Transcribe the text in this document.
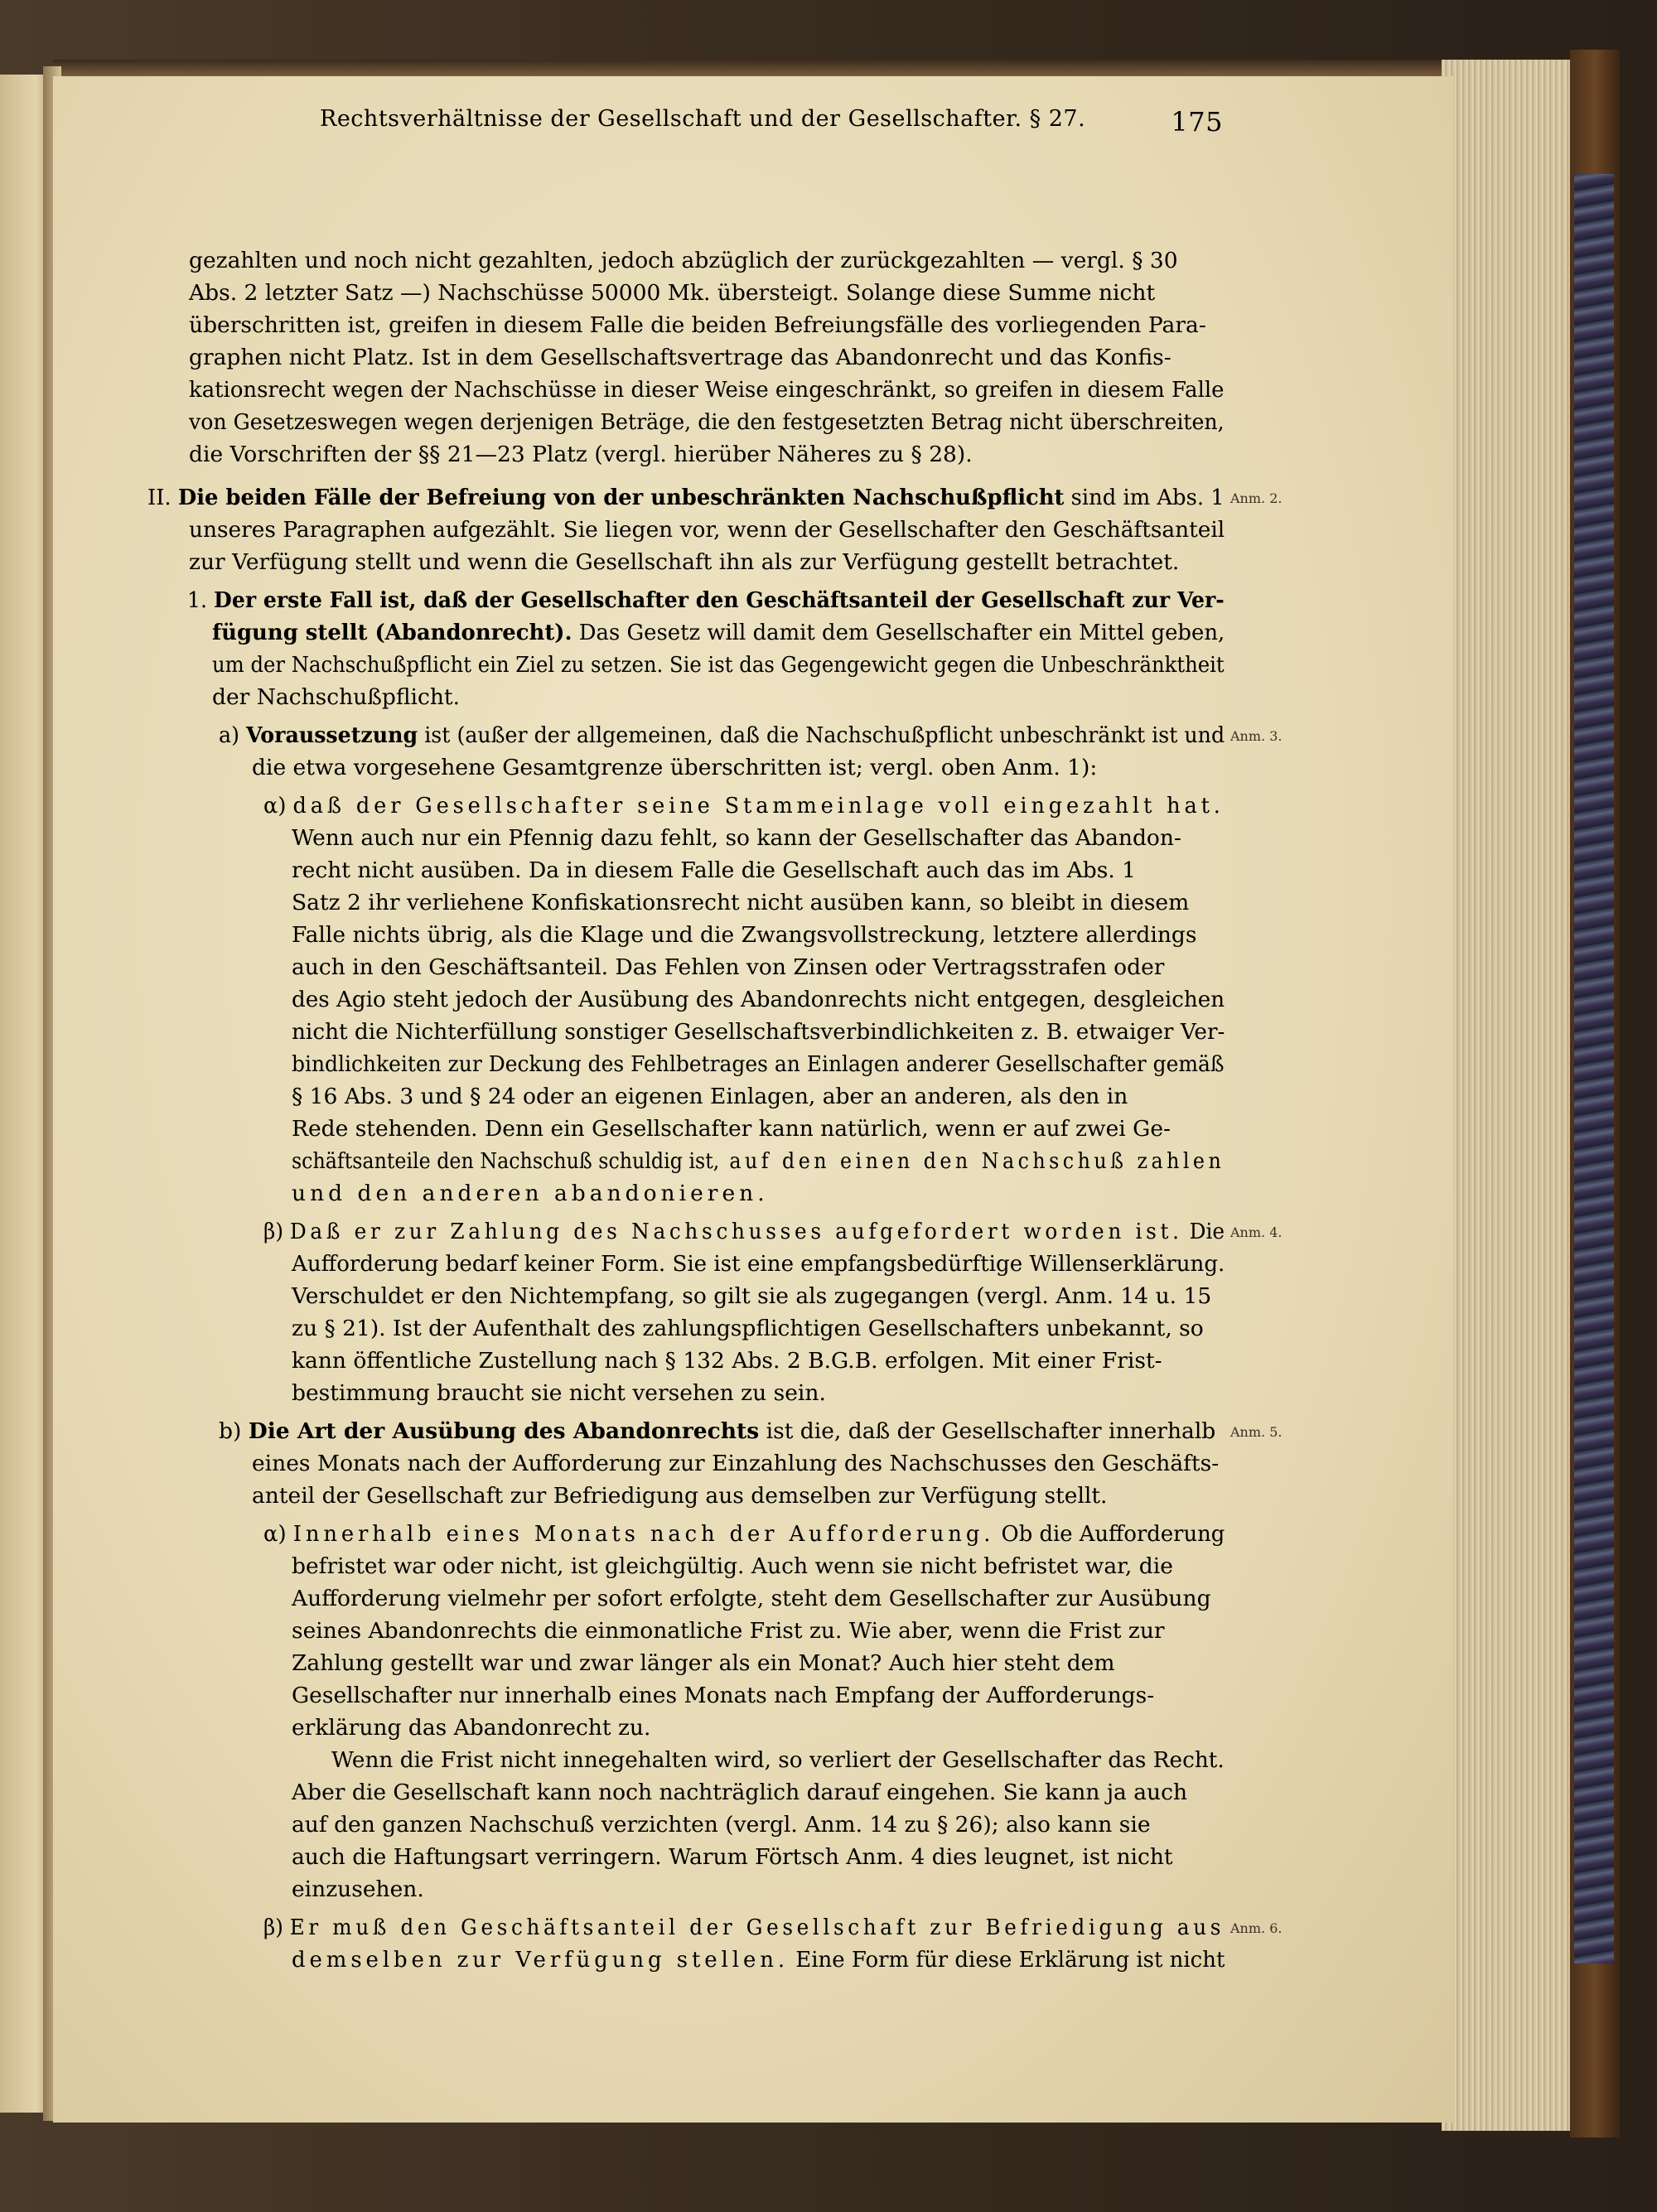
Rechtsverhältnisse der Gesellschaft und der Gesellschafter. § 27.	175
gezahlten und noch nicht gezahlten, jedoch abzüglich der zurückgezahlten — vergl. § 30
Abs. 2 letzter Satz —) Nachschüsse 50000 Mk. übersteigt. Solange diese Summe nicht
überschritten ist, greifen in diesem Falle die beiden Befreiungsfälle des vorliegenden Para-
graphen nicht Platz. Ist in dem Gesellschaftsvertrage das Abandonrecht und das Konfis-
kationsrecht wegen der Nachschüsse in dieser Weise eingeschränkt, so greifen in diesem Falle
von Gesetzeswegen wegen derjenigen Beträge, die den festgesetzten Betrag nicht überschreiten,
die Vorschriften der §§ 21—23 Platz (vergl. hierüber Näheres zu § 28).
II. Die beiden Fälle der Befreiung von der unbeschränkten Nachschußpflicht sind im Abs. 1 Anm. 2.
unseres Paragraphen aufgezählt. Sie liegen vor, wenn der Gesellschafter den Geschäftsanteil
zur Verfügung stellt und wenn die Gesellschaft ihn als zur Verfügung gestellt betrachtet.
1. Der erste Fall ist, daß der Gesellschafter den Geschäftsanteil der Gesellschaft zur Ver-
fügung stellt (Abandonrecht). Das Gesetz will damit dem Gesellschafter ein Mittel geben,
um der Nachschußpflicht ein Ziel zu setzen. Sie ist das Gegengewicht gegen die Unbeschränktheit
der Nachschußpflicht.
a) Voraussetzung ist (außer der allgemeinen, daß die Nachschußpflicht unbeschränkt ist und Anm. 3.
die etwa vorgesehene Gesamtgrenze überschritten ist; vergl. oben Anm. 1):
α) daß der Gesellschafter seine Stammeinlage voll eingezahlt hat.
Wenn auch nur ein Pfennig dazu fehlt, so kann der Gesellschafter das Abandon-
recht nicht ausüben. Da in diesem Falle die Gesellschaft auch das im Abs. 1
Satz 2 ihr verliehene Konfiskationsrecht nicht ausüben kann, so bleibt in diesem
Falle nichts übrig, als die Klage und die Zwangsvollstreckung, letztere allerdings
auch in den Geschäftsanteil. Das Fehlen von Zinsen oder Vertragsstrafen oder
des Agio steht jedoch der Ausübung des Abandonrechts nicht entgegen, desgleichen
nicht die Nichterfüllung sonstiger Gesellschaftsverbindlichkeiten z. B. etwaiger Ver-
bindlichkeiten zur Deckung des Fehlbetrages an Einlagen anderer Gesellschafter gemäß
§ 16 Abs. 3 und § 24 oder an eigenen Einlagen, aber an anderen, als den in
Rede stehenden. Denn ein Gesellschafter kann natürlich, wenn er auf zwei Ge-
schäftsanteile den Nachschuß schuldig ist, auf den einen den Nachschuß zahlen
und den anderen abandonieren.
β) Daß er zur Zahlung des Nachschusses aufgefordert worden ist. Die Anm. 4.
Aufforderung bedarf keiner Form. Sie ist eine empfangsbedürftige Willenserklärung.
Verschuldet er den Nichtempfang, so gilt sie als zugegangen (vergl. Anm. 14 u. 15
zu § 21). Ist der Aufenthalt des zahlungspflichtigen Gesellschafters unbekannt, so
kann öffentliche Zustellung nach § 132 Abs. 2 B.G.B. erfolgen. Mit einer Frist-
bestimmung braucht sie nicht versehen zu sein.
b) Die Art der Ausübung des Abandonrechts ist die, daß der Gesellschafter innerhalb Anm. 5.
eines Monats nach der Aufforderung zur Einzahlung des Nachschusses den Geschäfts-
anteil der Gesellschaft zur Befriedigung aus demselben zur Verfügung stellt.
α) Innerhalb eines Monats nach der Aufforderung. Ob die Aufforderung
befristet war oder nicht, ist gleichgültig. Auch wenn sie nicht befristet war, die
Aufforderung vielmehr per sofort erfolgte, steht dem Gesellschafter zur Ausübung
seines Abandonrechts die einmonatliche Frist zu. Wie aber, wenn die Frist zur
Zahlung gestellt war und zwar länger als ein Monat? Auch hier steht dem
Gesellschafter nur innerhalb eines Monats nach Empfang der Aufforderungs-
erklärung das Abandonrecht zu.
Wenn die Frist nicht innegehalten wird, so verliert der Gesellschafter das Recht.
Aber die Gesellschaft kann noch nachträglich darauf eingehen. Sie kann ja auch
auf den ganzen Nachschuß verzichten (vergl. Anm. 14 zu § 26); also kann sie
auch die Haftungsart verringern. Warum Förtsch Anm. 4 dies leugnet, ist nicht
einzusehen.
β) Er muß den Geschäftsanteil der Gesellschaft zur Befriedigung aus Anm. 6.
demselben zur Verfügung stellen. Eine Form für diese Erklärung ist nicht
